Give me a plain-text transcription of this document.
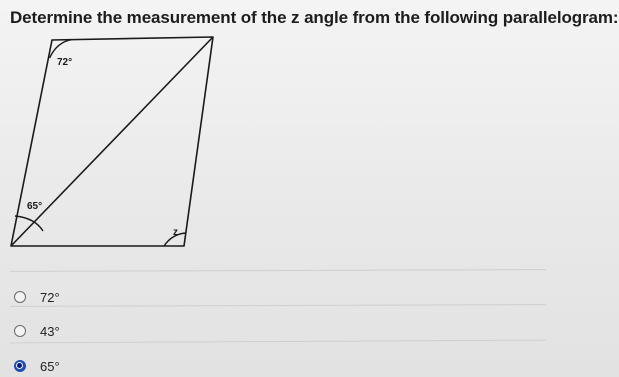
Determine the measurement of the z angle from the following parallelogram:
72°
65°
z
72°
43°
65°
